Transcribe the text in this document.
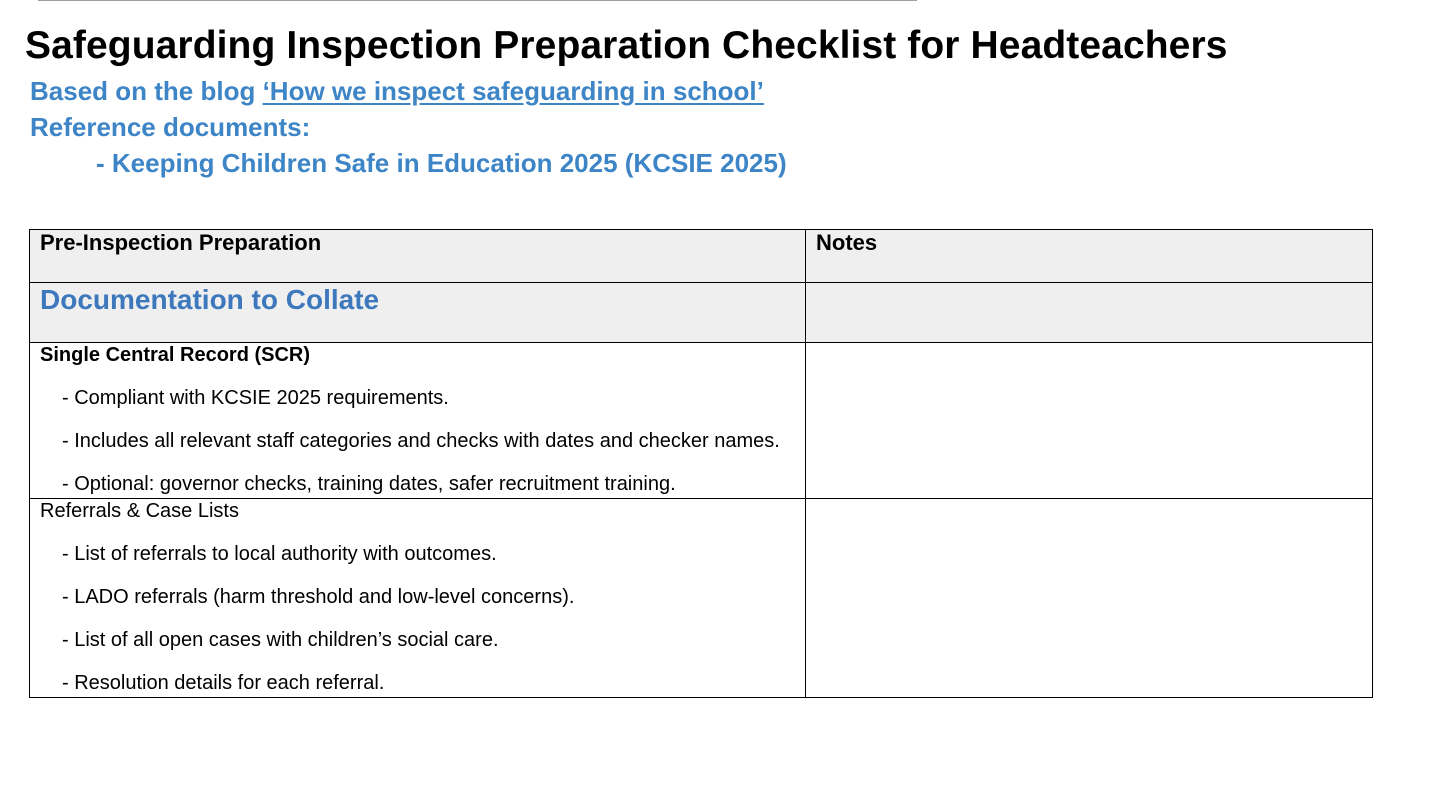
Safeguarding Inspection Preparation Checklist for Headteachers

Based on the blog ‘How we inspect safeguarding in school’

Reference documents:

- Keeping Children Safe in Education 2025 (KCSIE 2025)

Pre-Inspection Preparation	Notes
Documentation to Collate	

Single Central Record (SCR)

- Compliant with KCSIE 2025 requirements.

- Includes all relevant staff categories and checks with dates and checker names.

- Optional: governor checks, training dates, safer recruitment training.	

Referrals & Case Lists

- List of referrals to local authority with outcomes.

- LADO referrals (harm threshold and low-level concerns).

- List of all open cases with children’s social care.

- Resolution details for each referral.	
